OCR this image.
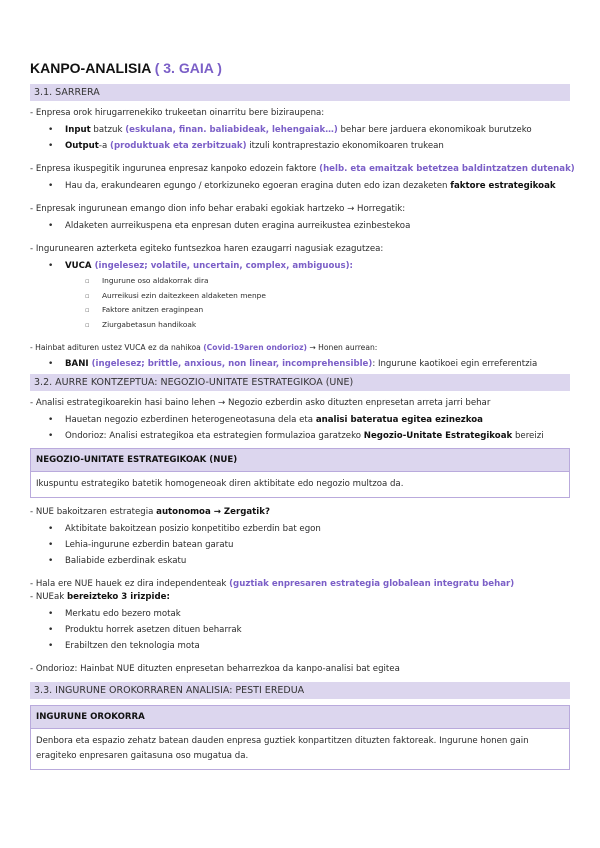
KANPO-ANALISIA ( 3. GAIA )
3.1. SARRERA

- Enpresa orok hirugarrenekiko trukeetan oinarritu bere biziraupena:

• Input batzuk (eskulana, finan. baliabideak, lehengaiak…) behar bere jarduera ekonomikoak burutzeko
• Output-a (produktuak eta zerbitzuak) itzuli kontraprestazio ekonomikoaren trukean

- Enpresa ikuspegitik ingurunea enpresaz kanpoko edozein faktore (helb. eta emaitzak betetzea baldintzatzen dutenak)

• Hau da, erakundearen egungo / etorkizuneko egoeran eragina duten edo izan dezaketen faktore estrategikoak

- Enpresak ingurunean emango dion info behar erabaki egokiak hartzeko → Horregatik:

• Aldaketen aurreikuspena eta enpresan duten eragina aurreikustea ezinbestekoa

- Ingurunearen azterketa egiteko funtsezkoa haren ezaugarri nagusiak ezagutzea:

• VUCA (ingelesez; volatile, uncertain, complex, ambiguous):
▫ Ingurune oso aldakorrak dira
▫ Aurreikusi ezin daitezkeen aldaketen menpe
▫ Faktore anitzen eraginpean
▫ Ziurgabetasun handikoak

- Hainbat adituren ustez VUCA ez da nahikoa (Covid-19aren ondorioz) → Honen aurrean:

• BANI (ingelesez; brittle, anxious, non linear, incomprehensible): Ingurune kaotikoei egin erreferentzia
3.2. AURRE KONTZEPTUA: NEGOZIO-UNITATE ESTRATEGIKOA (UNE)

- Analisi estrategikoarekin hasi baino lehen → Negozio ezberdin asko dituzten enpresetan arreta jarri behar

• Hauetan negozio ezberdinen heterogeneotasuna dela eta analisi bateratua egitea ezinezkoa
• Ondorioz: Analisi estrategikoa eta estrategien formulazioa garatzeko Negozio-Unitate Estrategikoak bereizi
NEGOZIO-UNITATE ESTRATEGIKOAK (NUE)
Ikuspuntu estrategiko batetik homogeneoak diren aktibitate edo negozio multzoa da.

- NUE bakoitzaren estrategia autonomoa → Zergatik?

• Aktibitate bakoitzean posizio konpetitibo ezberdin bat egon
• Lehia-ingurune ezberdin batean garatu
• Baliabide ezberdinak eskatu

- Hala ere NUE hauek ez dira independenteak (guztiak enpresaren estrategia globalean integratu behar)

- NUEak bereizteko 3 irizpide:

• Merkatu edo bezero motak
• Produktu horrek asetzen dituen beharrak
• Erabiltzen den teknologia mota

- Ondorioz: Hainbat NUE dituzten enpresetan beharrezkoa da kanpo-analisi bat egitea

3.3. INGURUNE OROKORRAREN ANALISIA: PESTI EREDUA
INGURUNE OROKORRA
Denbora eta espazio zehatz batean dauden enpresa guztiek konpartitzen dituzten faktoreak. Ingurune honen gain eragiteko enpresaren gaitasuna oso mugatua da.
